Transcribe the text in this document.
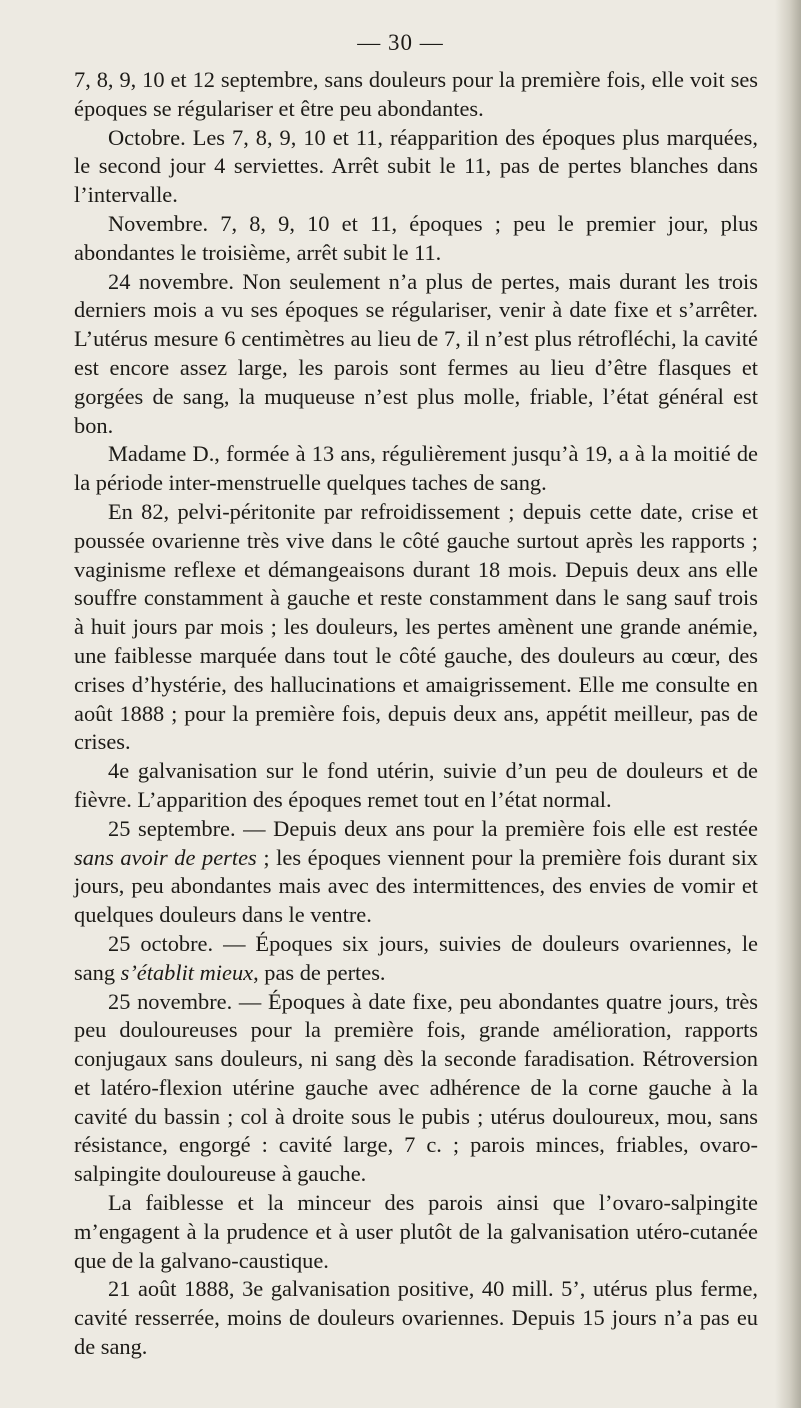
— 30 —

7, 8, 9, 10 et 12 septembre, sans douleurs pour la première fois, elle voit ses époques se régulariser et être peu abondantes.

Octobre. Les 7, 8, 9, 10 et 11, réapparition des époques plus marquées, le second jour 4 serviettes. Arrêt subit le 11, pas de pertes blanches dans l’intervalle.

Novembre. 7, 8, 9, 10 et 11, époques ; peu le premier jour, plus abondantes le troisième, arrêt subit le 11.

24 novembre. Non seulement n’a plus de pertes, mais durant les trois derniers mois a vu ses époques se régulariser, venir à date fixe et s’arrêter. L’utérus mesure 6 centimètres au lieu de 7, il n’est plus rétrofléchi, la cavité est encore assez large, les parois sont fermes au lieu d’être flasques et gorgées de sang, la muqueuse n’est plus molle, friable, l’état général est bon.

Madame D., formée à 13 ans, régulièrement jusqu’à 19, a à la moitié de la période inter-menstruelle quelques taches de sang.

En 82, pelvi-péritonite par refroidissement ; depuis cette date, crise et poussée ovarienne très vive dans le côté gauche surtout après les rapports ; vaginisme reflexe et démangeaisons durant 18 mois. Depuis deux ans elle souffre constamment à gauche et reste constamment dans le sang sauf trois à huit jours par mois ; les douleurs, les pertes amènent une grande anémie, une faiblesse marquée dans tout le côté gauche, des douleurs au cœur, des crises d’hystérie, des hallucinations et amaigrissement. Elle me consulte en août 1888 ; pour la première fois, depuis deux ans, appétit meilleur, pas de crises.

4e galvanisation sur le fond utérin, suivie d’un peu de douleurs et de fièvre. L’apparition des époques remet tout en l’état normal.

25 septembre. — Depuis deux ans pour la première fois elle est restée sans avoir de pertes ; les époques viennent pour la première fois durant six jours, peu abondantes mais avec des intermittences, des envies de vomir et quelques douleurs dans le ventre.

25 octobre. — Époques six jours, suivies de douleurs ovariennes, le sang s’établit mieux, pas de pertes.

25 novembre. — Époques à date fixe, peu abondantes quatre jours, très peu douloureuses pour la première fois, grande amélioration, rapports conjugaux sans douleurs, ni sang dès la seconde faradisation. Rétroversion et latéro-flexion utérine gauche avec adhérence de la corne gauche à la cavité du bassin ; col à droite sous le pubis ; utérus douloureux, mou, sans résistance, engorgé : cavité large, 7 c. ; parois minces, friables, ovaro-salpingite douloureuse à gauche.

La faiblesse et la minceur des parois ainsi que l’ovaro-salpingite m’engagent à la prudence et à user plutôt de la galvanisation utéro-cutanée que de la galvano-caustique.

21 août 1888, 3e galvanisation positive, 40 mill. 5’, utérus plus ferme, cavité resserrée, moins de douleurs ovariennes. Depuis 15 jours n’a pas eu de sang.
